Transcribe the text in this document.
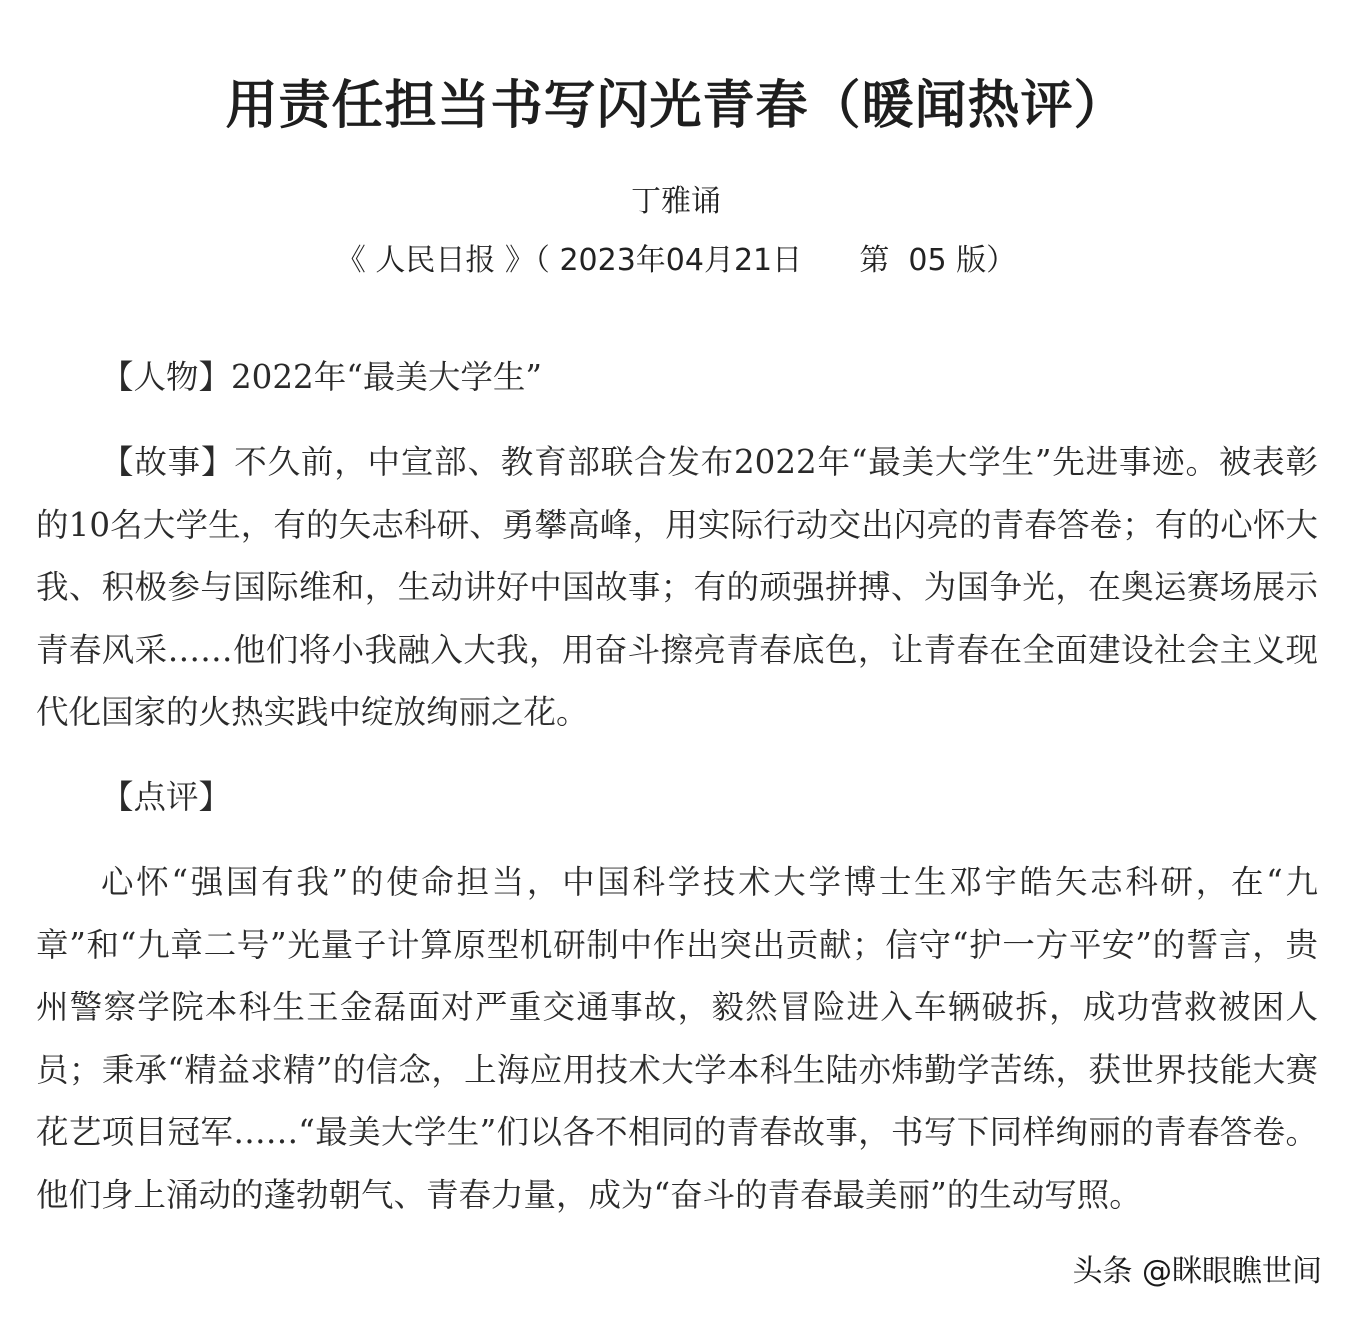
用责任担当书写闪光青春（暖闻热评）
丁雅诵
《 人民日报 》（ 2023年04月21日      第  05 版）

【人物】2022年“最美大学生”

【故事】不久前，中宣部、教育部联合发布2022年“最美大学生”先进事迹。被表彰的10名大学生，有的矢志科研、勇攀高峰，用实际行动交出闪亮的青春答卷；有的心怀大我、积极参与国际维和，生动讲好中国故事；有的顽强拼搏、为国争光，在奥运赛场展示青春风采……他们将小我融入大我，用奋斗擦亮青春底色，让青春在全面建设社会主义现代化国家的火热实践中绽放绚丽之花。

【点评】

心怀“强国有我”的使命担当，中国科学技术大学博士生邓宇皓矢志科研，在“九章”和“九章二号”光量子计算原型机研制中作出突出贡献；信守“护一方平安”的誓言，贵州警察学院本科生王金磊面对严重交通事故，毅然冒险进入车辆破拆，成功营救被困人员；秉承“精益求精”的信念，上海应用技术大学本科生陆亦炜勤学苦练，获世界技能大赛花艺项目冠军……“最美大学生”们以各不相同的青春故事，书写下同样绚丽的青春答卷。他们身上涌动的蓬勃朝气、青春力量，成为“奋斗的青春最美丽”的生动写照。

头条 @眯眼瞧世间
